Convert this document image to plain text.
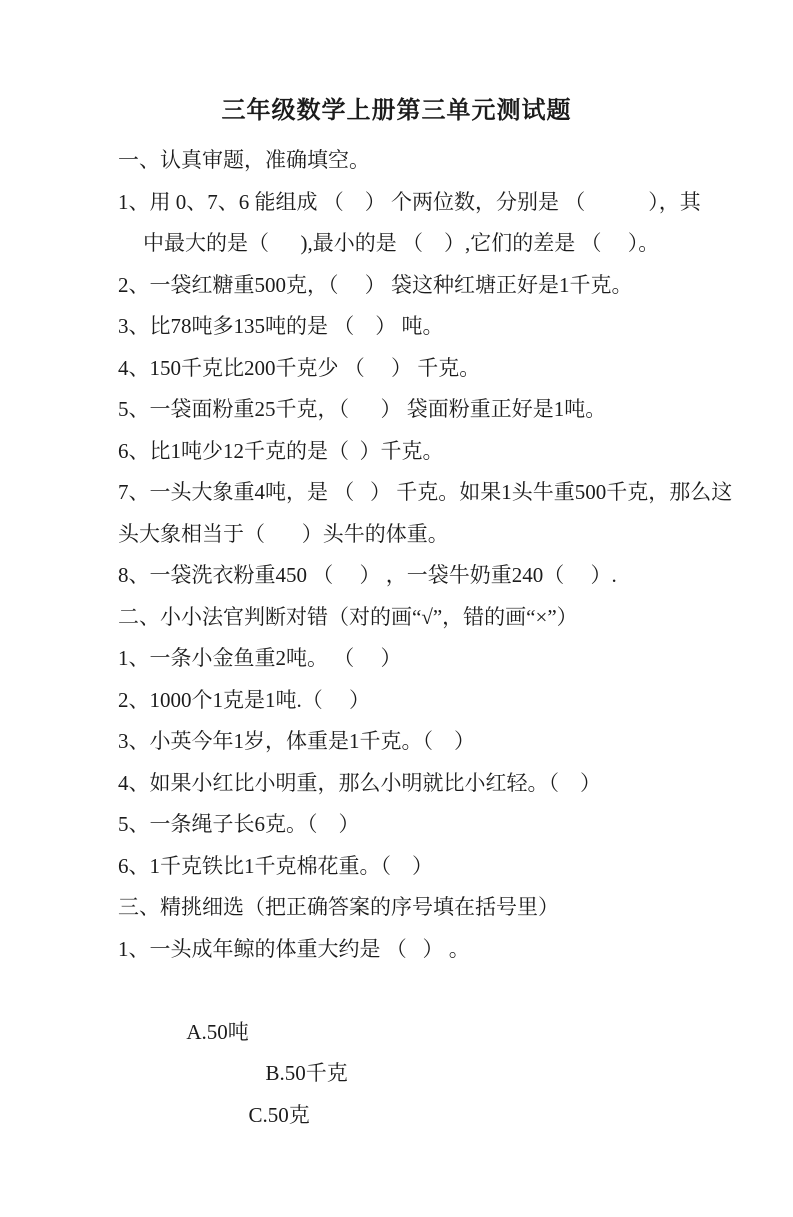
三年级数学上册第三单元测试题
一、认真审题，准确填空。
1、用 0、7、6 能组成 （    ） 个两位数，分别是 （            ），其
中最大的是（      ),最小的是 （    ）,它们的差是 （     ）。
2、一袋红糖重500克，（     ） 袋这种红塘正好是1千克。
3、比78吨多135吨的是 （    ） 吨。
4、150千克比200千克少 （     ） 千克。
5、一袋面粉重25千克，（      ） 袋面粉重正好是1吨。
6、比1吨少12千克的是（  ）千克。
7、一头大象重4吨，是 （   ） 千克。如果1头牛重500千克，那么这
头大象相当于（       ）头牛的体重。
8、一袋洗衣粉重450 （     ） ，一袋牛奶重240（     ）.
二、小小法官判断对错（对的画“√”，错的画“×”）
1、一条小金鱼重2吨。 （     ）
2、1000个1克是1吨.（     ）
3、小英今年1岁，体重是1千克。（    ）
4、如果小红比小明重，那么小明就比小红轻。（    ）
5、一条绳子长6克。（    ）
6、1千克铁比1千克棉花重。（    ）
三、精挑细选（把正确答案的序号填在括号里）
1、一头成年鲸的体重大约是 （   ） 。

A.50吨
B.50千克
C.50克
